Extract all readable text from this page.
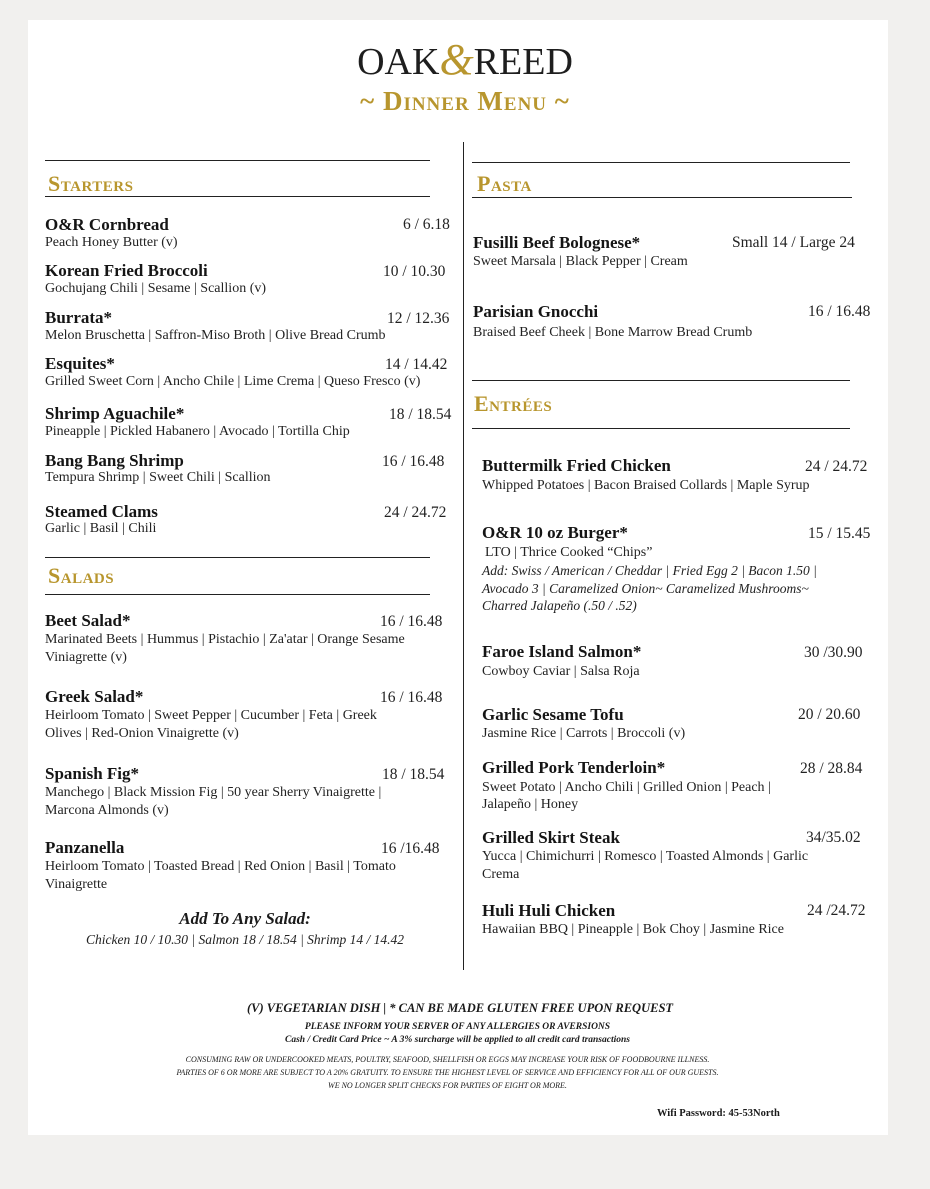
OAK&REED
~ Dinner Menu ~
Starters
O&R Cornbread	6 / 6.18
Peach Honey Butter (v)
Korean Fried Broccoli	10 / 10.30
Gochujang Chili | Sesame | Scallion (v)
Burrata*	12 / 12.36
Melon Bruschetta | Saffron-Miso Broth | Olive Bread Crumb
Esquites*	14 / 14.42
Grilled Sweet Corn | Ancho Chile | Lime Crema | Queso Fresco (v)
Shrimp Aguachile*	18 / 18.54
Pineapple | Pickled Habanero | Avocado | Tortilla Chip
Bang Bang Shrimp	16 / 16.48
Tempura Shrimp | Sweet Chili | Scallion
Steamed Clams	24 / 24.72
Garlic | Basil | Chili
Salads
Beet Salad*	16 / 16.48
Marinated Beets | Hummus | Pistachio | Za'atar | Orange Sesame
Viniagrette (v)
Greek Salad*	16 / 16.48
Heirloom Tomato | Sweet Pepper | Cucumber | Feta | Greek
Olives | Red-Onion Vinaigrette (v)
Spanish Fig*	18 / 18.54
Manchego | Black Mission Fig | 50 year Sherry Vinaigrette |
Marcona Almonds (v)
Panzanella	16 /16.48
Heirloom Tomato | Toasted Bread | Red Onion | Basil | Tomato
Vinaigrette
Add To Any Salad:
Chicken 10 / 10.30 | Salmon 18 / 18.54 | Shrimp 14 / 14.42
Pasta
Fusilli Beef Bolognese*	Small 14 / Large 24
Sweet Marsala | Black Pepper | Cream
Parisian Gnocchi	16 / 16.48
Braised Beef Cheek | Bone Marrow Bread Crumb
Entrées
Buttermilk Fried Chicken	24 / 24.72
Whipped Potatoes | Bacon Braised Collards | Maple Syrup
O&R 10 oz Burger*	15 / 15.45
LTO | Thrice Cooked “Chips”
Add: Swiss / American / Cheddar | Fried Egg 2 | Bacon 1.50 |
Avocado 3 | Caramelized Onion~ Caramelized Mushrooms~
Charred Jalapeño (.50 / .52)
Faroe Island Salmon*	30 /30.90
Cowboy Caviar | Salsa Roja
Garlic Sesame Tofu	20 / 20.60
Jasmine Rice | Carrots | Broccoli (v)
Grilled Pork Tenderloin*	28 / 28.84
Sweet Potato | Ancho Chili | Grilled Onion | Peach |
Jalapeño | Honey
Grilled Skirt Steak	34/35.02
Yucca | Chimichurri | Romesco | Toasted Almonds | Garlic
Crema
Huli Huli Chicken	24 /24.72
Hawaiian BBQ | Pineapple | Bok Choy | Jasmine Rice
(V) VEGETARIAN DISH | * CAN BE MADE GLUTEN FREE UPON REQUEST
PLEASE INFORM YOUR SERVER OF ANY ALLERGIES OR AVERSIONS
Cash / Credit Card Price ~ A 3% surcharge will be applied to all credit card transactions
CONSUMING RAW OR UNDERCOOKED MEATS, POULTRY, SEAFOOD, SHELLFISH OR EGGS MAY INCREASE YOUR RISK OF FOODBOURNE ILLNESS.
PARTIES OF 6 OR MORE ARE SUBJECT TO A 20% GRATUITY. TO ENSURE THE HIGHEST LEVEL OF SERVICE AND EFFICIENCY FOR ALL OF OUR GUESTS.
WE NO LONGER SPLIT CHECKS FOR PARTIES OF EIGHT OR MORE.
Wifi Password: 45-53North
